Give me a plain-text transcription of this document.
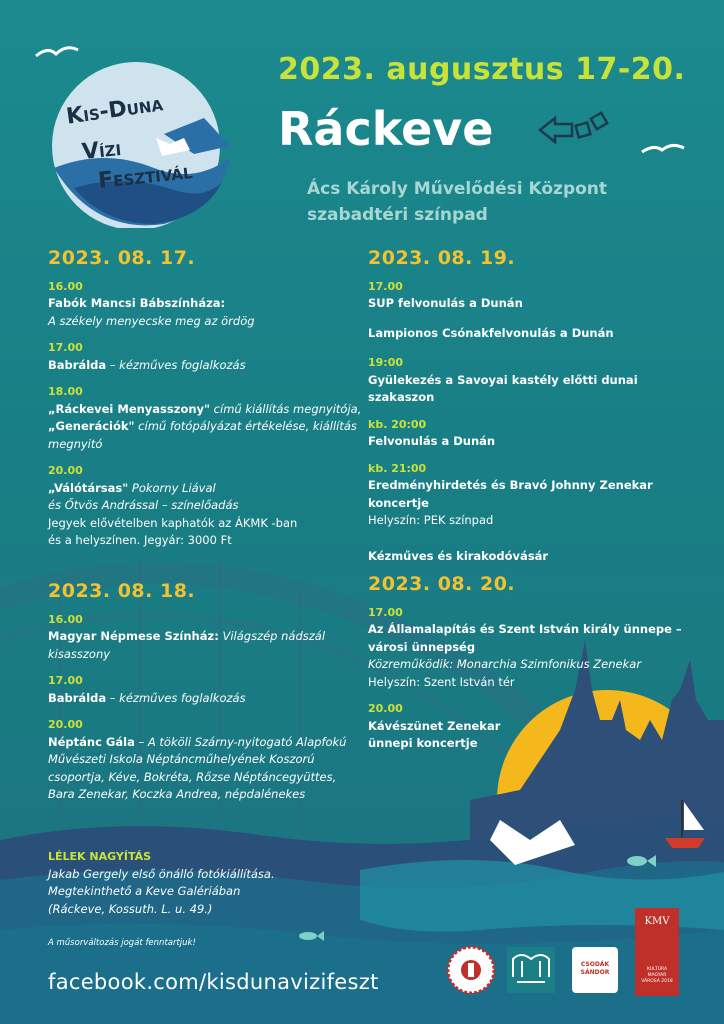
Kis-Duna
Vízi
Fesztivál
2023. augusztus 17-20.
Ráckeve
Ács Károly Művelődési Központ
szabadtéri színpad
2023. 08. 17.
16.00
Fabók Mancsi Bábszínháza:
A székely menyecske meg az ördög
17.00
Babrálda – kézműves foglalkozás
18.00
„Ráckevei Menyasszony" című kiállítás megnyitója,
„Generációk" című fotópályázat értékelése, kiállítás
megnyitó
20.00
„Válótársas" Pokorny Liával
és Őtvös Andrással – színelőadás
Jegyek elővételben kaphatók az ÁKMK -ban
és a helyszínen. Jegyár: 3000 Ft
2023. 08. 18.
16.00
Magyar Népmese Színház: Világszép nádszál
kisasszony
17.00
Babrálda – kézműves foglalkozás
20.00
Néptánc Gála – A tököli Szárny-nyitogató Alapfokú
Művészeti Iskola Néptáncműhelyének Koszorú
csoportja, Kéve, Bokréta, Rőzse Néptáncegyüttes,
Bara Zenekar, Koczka Andrea, népdalénekes
2023. 08. 19.
17.00
SUP felvonulás a Dunán
Lampionos Csónakfelvonulás a Dunán
19:00
Gyülekezés a Savoyai kastély előtti dunai szakaszon
kb. 20:00
Felvonulás a Dunán
kb. 21:00
Eredményhirdetés és Bravó Johnny Zenekar
koncertje
Helyszín: PEK színpad
Kézműves és kirakodóvásár
2023. 08. 20.
17.00
Az Államalapítás és Szent István király ünnepe –
városi ünnepség
Közreműködik: Monarchia Szimfonikus Zenekar
Helyszín: Szent István tér
20.00
Kávészünet Zenekar
ünnepi koncertje
LÉLEK NAGYÍTÁS
Jakab Gergely első önálló fotókiállítása.
Megtekinthető a Keve Galériában
(Ráckeve, Kossuth. L. u. 49.)
A műsorváltozás jogát fenntartjuk!
facebook.com/kisdunavizifeszt
CSODÁK SÁNDOR
KMV
KULTÚRA MAGYAR VÁROSA 2018
